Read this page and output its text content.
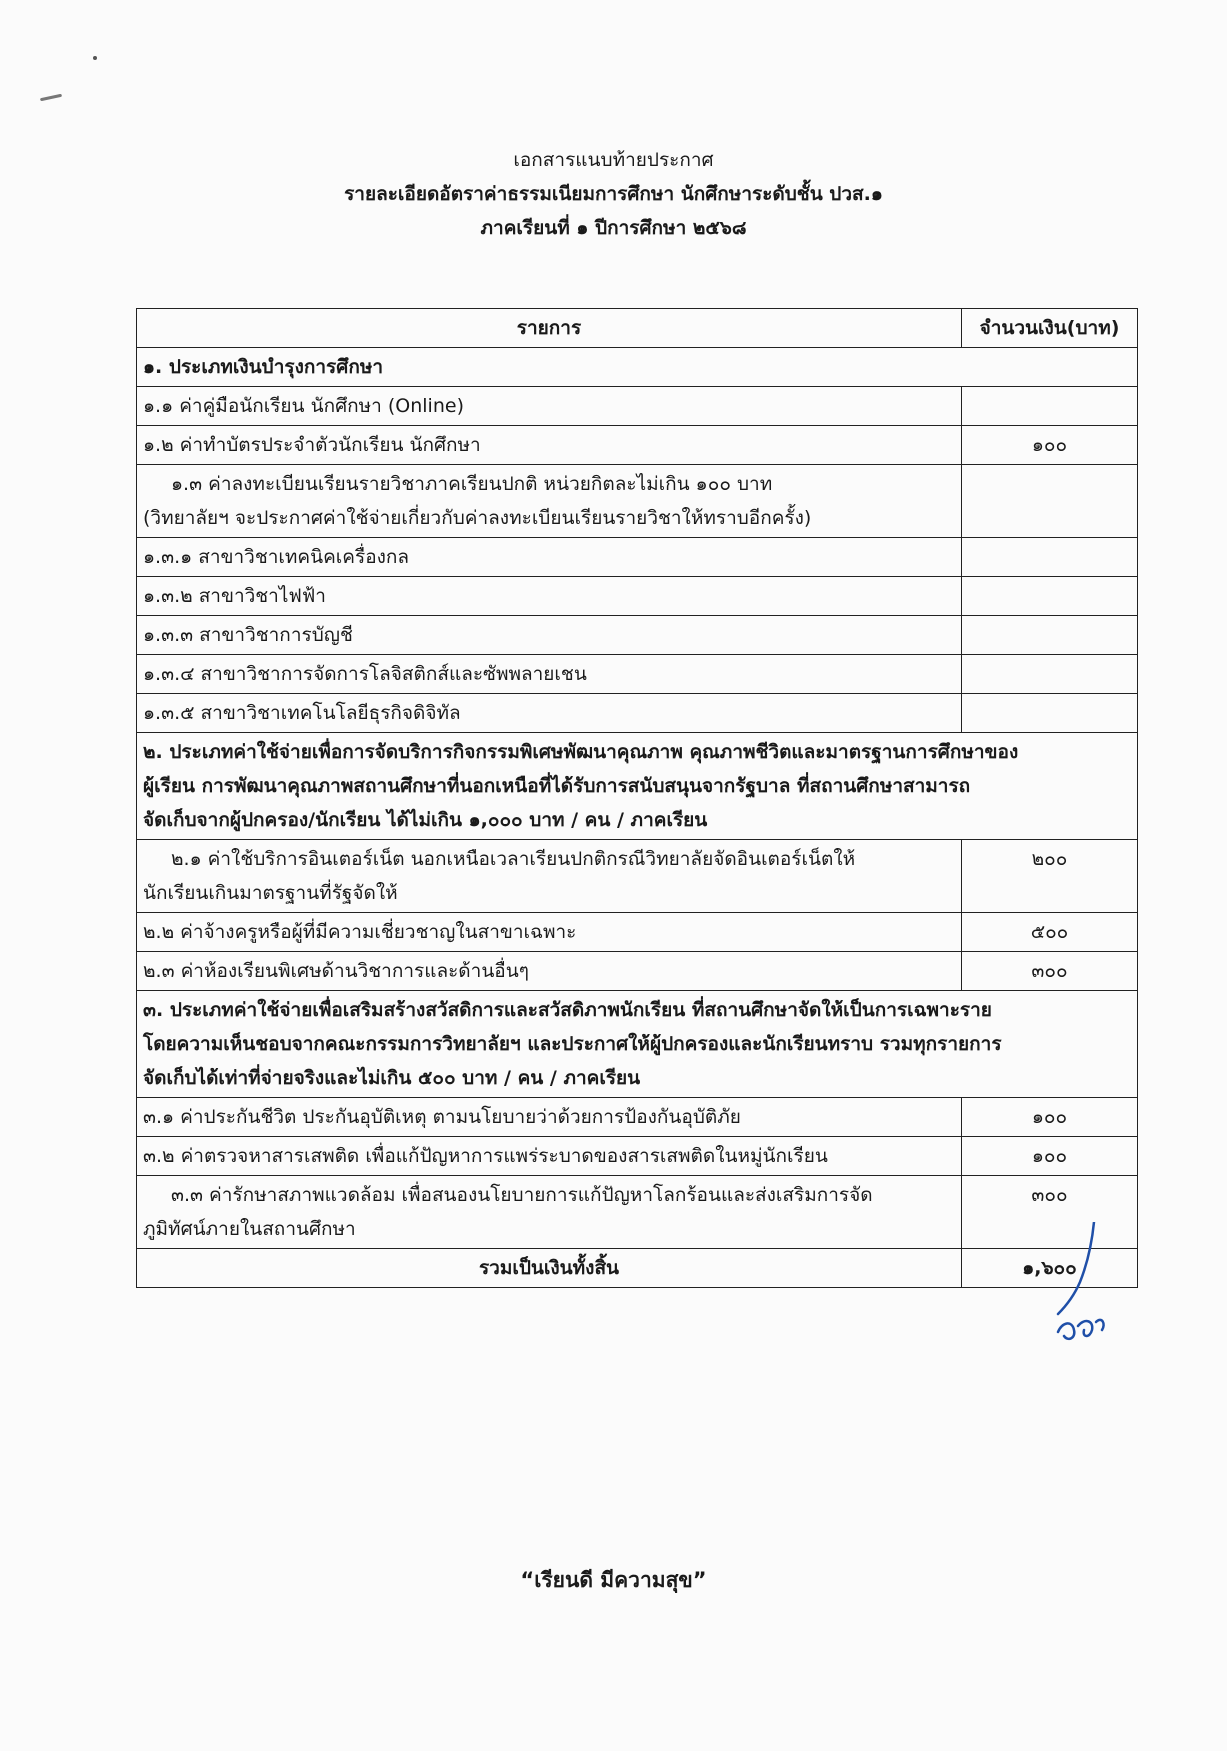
เอกสารแนบท้ายประกาศ
รายละเอียดอัตราค่าธรรมเนียมการศึกษา นักศึกษาระดับชั้น ปวส.๑
ภาคเรียนที่ ๑ ปีการศึกษา ๒๕๖๘
รายการ	จำนวนเงิน(บาท)
๑. ประเภทเงินบำรุงการศึกษา	
๑.๑ ค่าคู่มือนักเรียน นักศึกษา (Online)	
๑.๒ ค่าทำบัตรประจำตัวนักเรียน นักศึกษา	๑๐๐

๑.๓ ค่าลงทะเบียนเรียนรายวิชาภาคเรียนปกติ หน่วยกิตละไม่เกิน ๑๐๐ บาท
(วิทยาลัยฯ จะประกาศค่าใช้จ่ายเกี่ยวกับค่าลงทะเบียนเรียนรายวิชาให้ทราบอีกครั้ง)	
๑.๓.๑ สาขาวิชาเทคนิคเครื่องกล	
๑.๓.๒ สาขาวิชาไฟฟ้า	
๑.๓.๓ สาขาวิชาการบัญชี	
๑.๓.๔ สาขาวิชาการจัดการโลจิสติกส์และซัพพลายเชน	
๑.๓.๕ สาขาวิชาเทคโนโลยีธุรกิจดิจิทัล	

๒. ประเภทค่าใช้จ่ายเพื่อการจัดบริการกิจกรรมพิเศษพัฒนาคุณภาพ คุณภาพชีวิตและมาตรฐานการศึกษาของ
ผู้เรียน การพัฒนาคุณภาพสถานศึกษาที่นอกเหนือที่ได้รับการสนับสนุนจากรัฐบาล ที่สถานศึกษาสามารถ
จัดเก็บจากผู้ปกครอง/นักเรียน ได้ไม่เกิน ๑,๐๐๐ บาท / คน / ภาคเรียน	

๒.๑ ค่าใช้บริการอินเตอร์เน็ต นอกเหนือเวลาเรียนปกติกรณีวิทยาลัยจัดอินเตอร์เน็ตให้
นักเรียนเกินมาตรฐานที่รัฐจัดให้	๒๐๐
๒.๒ ค่าจ้างครูหรือผู้ที่มีความเชี่ยวชาญในสาขาเฉพาะ	๕๐๐
๒.๓ ค่าห้องเรียนพิเศษด้านวิชาการและด้านอื่นๆ	๓๐๐

๓. ประเภทค่าใช้จ่ายเพื่อเสริมสร้างสวัสดิการและสวัสดิภาพนักเรียน ที่สถานศึกษาจัดให้เป็นการเฉพาะราย
โดยความเห็นชอบจากคณะกรรมการวิทยาลัยฯ และประกาศให้ผู้ปกครองและนักเรียนทราบ รวมทุกรายการ
จัดเก็บได้เท่าที่จ่ายจริงและไม่เกิน ๕๐๐ บาท / คน / ภาคเรียน	

๓.๑ ค่าประกันชีวิต ประกันอุบัติเหตุ ตามนโยบายว่าด้วยการป้องกันอุบัติภัย	๑๐๐
๓.๒ ค่าตรวจหาสารเสพติด เพื่อแก้ปัญหาการแพร่ระบาดของสารเสพติดในหมู่นักเรียน	๑๐๐

๓.๓ ค่ารักษาสภาพแวดล้อม เพื่อสนองนโยบายการแก้ปัญหาโลกร้อนและส่งเสริมการจัด
ภูมิทัศน์ภายในสถานศึกษา	๓๐๐
รวมเป็นเงินทั้งสิ้น	๑,๖๐๐
“เรียนดี มีความสุข”
